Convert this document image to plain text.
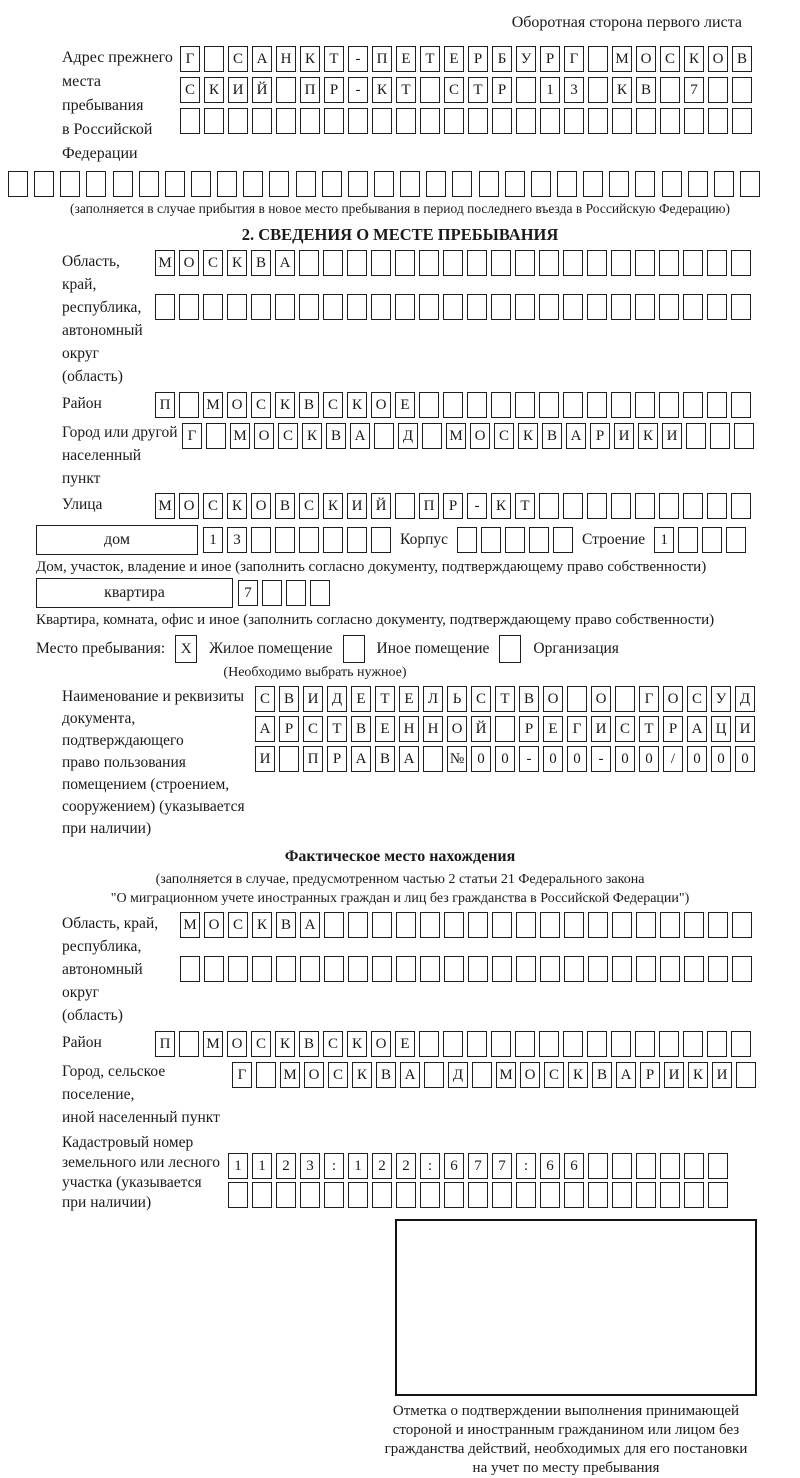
Оборотная сторона первого листа
Адрес прежнего
места пребывания
в Российской
Федерации
Г	С А Н К Т	-	П Е Т Е	Р	Б У Р	Г	М О С К О В
С К И Й	П Р	-	К Т	С Т	Р	1	3	К В	7
(заполняется в случае прибытия в новое место пребывания в период последнего въезда в Российскую Федерацию)
2. СВЕДЕНИЯ О МЕСТЕ ПРЕБЫВАНИЯ
Область, край,
республика,
автономный
округ (область)
М О С К В А
Район	П	М О С К В С К О Е
Город или другой
населенный пункт
Г	М О С К В А	Д	М О С К В А Р И К И
Улица	М О С К О В С К И Й	П Р	-	К Т
дом	1	3	Корпус	Строение	1
Дом, участок, владение и иное (заполнить согласно документу, подтверждающему право собственности)
квартира	7
Квартира, комната, офис и иное (заполнить согласно документу, подтверждающему право собственности)
Место пребывания:	X	Жилое помещение	Иное помещение	Организация
(Необходимо выбрать нужное)
Наименование и реквизиты
документа, подтверждающего
право пользования
помещением (строением,
сооружением) (указывается
при наличии)
С В И Д Е Т Е Л Ь С Т В О	О	Г О С У Д
А Р С Т В Е Н Н О Й	Р	Е	Г И С Т	Р А Ц И
И	П Р А В А	№ 0	0	-	0	0	-	0	0	/	0	0	0
Фактическое место нахождения
(заполняется в случае, предусмотренном частью 2 статьи 21 Федерального закона
"О миграционном учете иностранных граждан и лиц без гражданства в Российской Федерации")
Область, край,
республика,
автономный округ
(область)
М О С К В А
Район	П	М О С К В С К О Е
Город, сельское поселение,
иной населенный пункт
Г	М О С К В А	Д	М О С К В А Р И К И
Кадастровый номер
земельного или лесного
участка (указывается
при наличии)
1	1	2	3	:	1	2	2	:	6	7	7	:	6	6
Отметка о подтверждении выполнения принимающей
стороной и иностранным гражданином или лицом без
гражданства действий, необходимых для его постановки
на учет по месту пребывания
